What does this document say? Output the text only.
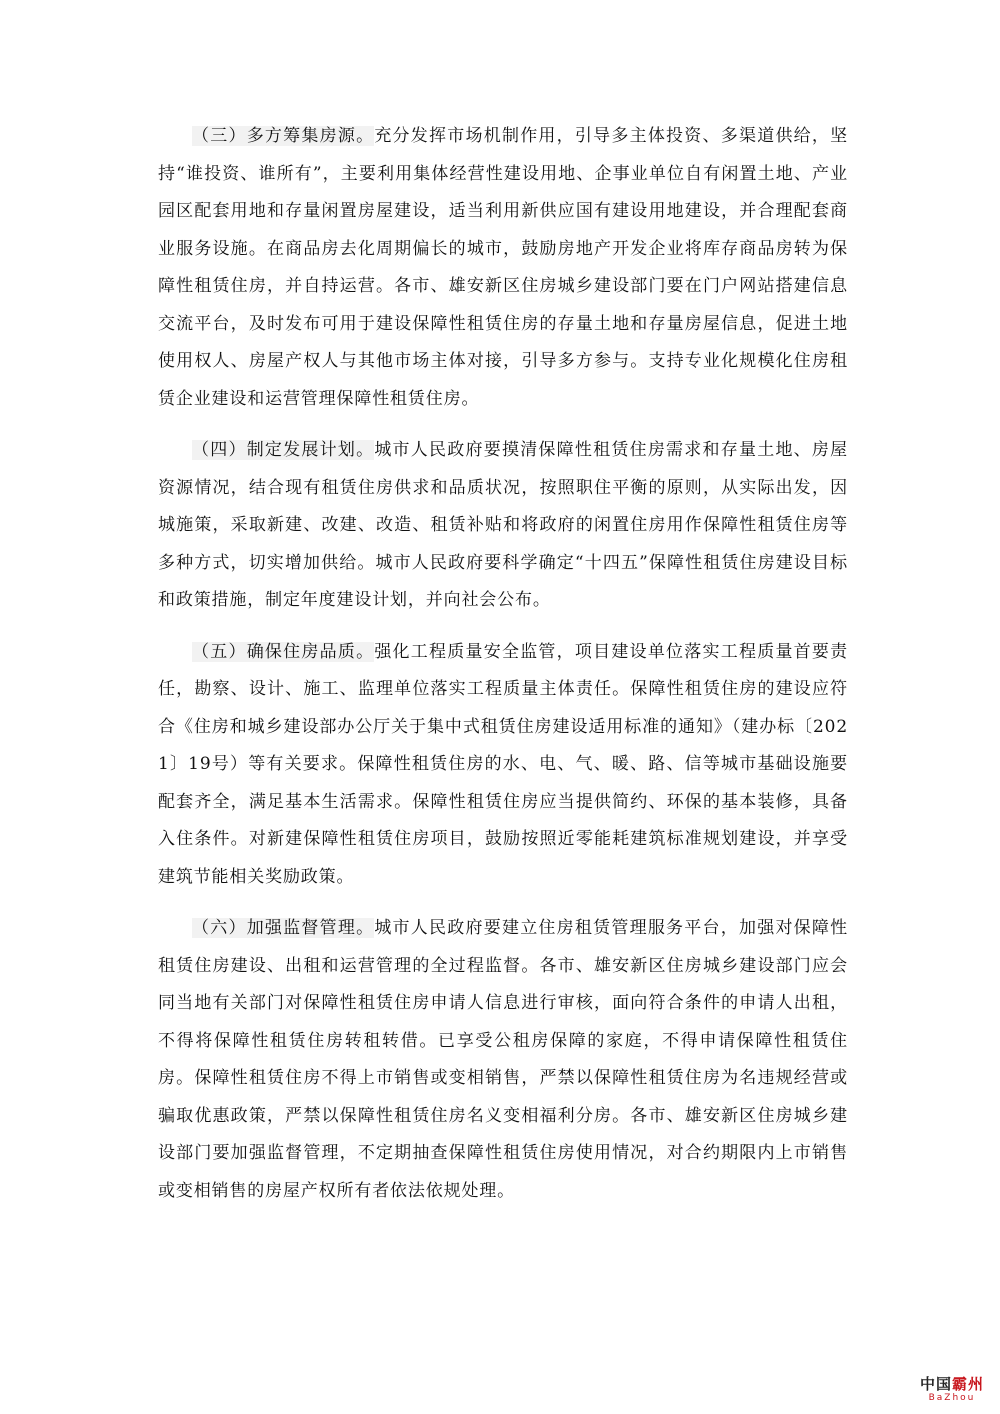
（三）多方筹集房源。充分发挥市场机制作用，引导多主体投资、多渠道供给，坚持“谁投资、谁所有”，主要利用集体经营性建设用地、企事业单位自有闲置土地、产业园区配套用地和存量闲置房屋建设，适当利用新供应国有建设用地建设，并合理配套商业服务设施。在商品房去化周期偏长的城市，鼓励房地产开发企业将库存商品房转为保障性租赁住房，并自持运营。各市、雄安新区住房城乡建设部门要在门户网站搭建信息交流平台，及时发布可用于建设保障性租赁住房的存量土地和存量房屋信息，促进土地使用权人、房屋产权人与其他市场主体对接，引导多方参与。支持专业化规模化住房租赁企业建设和运营管理保障性租赁住房。

（四）制定发展计划。城市人民政府要摸清保障性租赁住房需求和存量土地、房屋资源情况，结合现有租赁住房供求和品质状况，按照职住平衡的原则，从实际出发，因城施策，采取新建、改建、改造、租赁补贴和将政府的闲置住房用作保障性租赁住房等多种方式，切实增加供给。城市人民政府要科学确定“十四五”保障性租赁住房建设目标和政策措施，制定年度建设计划，并向社会公布。

（五）确保住房品质。强化工程质量安全监管，项目建设单位落实工程质量首要责任，勘察、设计、施工、监理单位落实工程质量主体责任。保障性租赁住房的建设应符合《住房和城乡建设部办公厅关于集中式租赁住房建设适用标准的通知》（建办标〔2021〕19号）等有关要求。保障性租赁住房的水、电、气、暖、路、信等城市基础设施要配套齐全，满足基本生活需求。保障性租赁住房应当提供简约、环保的基本装修，具备入住条件。对新建保障性租赁住房项目，鼓励按照近零能耗建筑标准规划建设，并享受建筑节能相关奖励政策。

（六）加强监督管理。城市人民政府要建立住房租赁管理服务平台，加强对保障性租赁住房建设、出租和运营管理的全过程监督。各市、雄安新区住房城乡建设部门应会同当地有关部门对保障性租赁住房申请人信息进行审核，面向符合条件的申请人出租，不得将保障性租赁住房转租转借。已享受公租房保障的家庭，不得申请保障性租赁住房。保障性租赁住房不得上市销售或变相销售，严禁以保障性租赁住房为名违规经营或骗取优惠政策，严禁以保障性租赁住房名义变相福利分房。各市、雄安新区住房城乡建设部门要加强监督管理，不定期抽查保障性租赁住房使用情况，对合约期限内上市销售或变相销售的房屋产权所有者依法依规处理。

中国霸州
BaZhou
